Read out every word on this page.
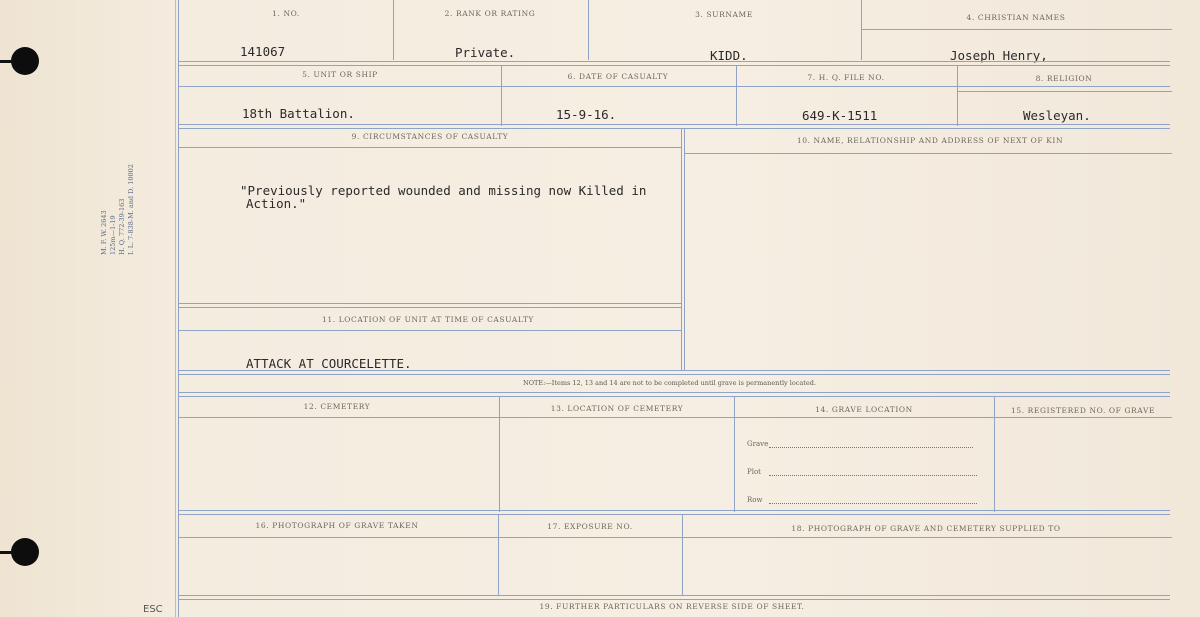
M. F. W. 2643 125m—1-19 H. Q. 772-39-163 I. L. 7-838-M. and D. 10002
ESC
1. NO.	2. RANK OR RATING	3. SURNAME	4. CHRISTIAN NAMES
141067	Private.	KIDD.	Joseph Henry,
5. UNIT OR SHIP	6. DATE OF CASUALTY	7. H. Q. FILE NO.	8. RELIGION
18th Battalion.	15-9-16.	649-K-1511	Wesleyan.
9. CIRCUMSTANCES OF CASUALTY	10. NAME, RELATIONSHIP AND ADDRESS OF NEXT OF KIN
"Previously reported wounded and missing now Killed in
Action."
11. LOCATION OF UNIT AT TIME OF CASUALTY
ATTACK AT COURCELETTE.
NOTE:—Items 12, 13 and 14 are not to be completed until grave is permanently located.
12. CEMETERY	13. LOCATION OF CEMETERY	14. GRAVE LOCATION	15. REGISTERED NO. OF GRAVE
Grave
Plot
Row
16. PHOTOGRAPH OF GRAVE TAKEN	17. EXPOSURE NO.	18. PHOTOGRAPH OF GRAVE AND CEMETERY SUPPLIED TO
19. FURTHER PARTICULARS ON REVERSE SIDE OF SHEET.
